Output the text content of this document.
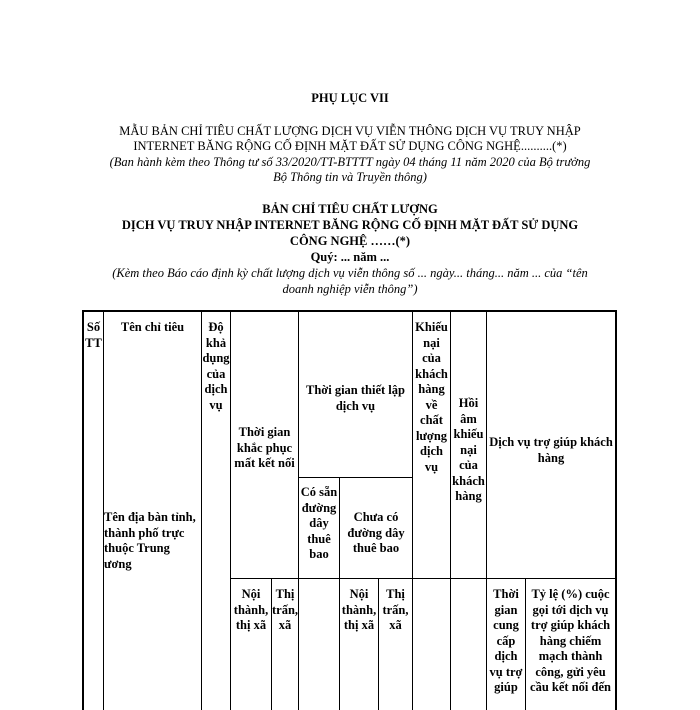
PHỤ LỤC VII
MẪU BẢN CHỈ TIÊU CHẤT LƯỢNG DỊCH VỤ VIỄN THÔNG DỊCH VỤ TRUY NHẬP
INTERNET BĂNG RỘNG CỐ ĐỊNH MẶT ĐẤT SỬ DỤNG CÔNG NGHỆ..........(*)
(Ban hành kèm theo Thông tư số 33/2020/TT-BTTTT ngày 04 tháng 11 năm 2020 của Bộ trưởng
Bộ Thông tin và Truyền thông)
BẢN CHỈ TIÊU CHẤT LƯỢNG
DỊCH VỤ TRUY NHẬP INTERNET BĂNG RỘNG CỐ ĐỊNH MẶT ĐẤT SỬ DỤNG
CÔNG NGHỆ ……(*)
Quý: ... năm ...
(Kèm theo Báo cáo định kỳ chất lượng dịch vụ viễn thông số ... ngày... tháng... năm ... của “tên
doanh nghiệp viễn thông”)
Số TT
Tên chỉ tiêu
Tên địa bàn tỉnh, thành phố trực thuộc Trung ương
Độ khả dụng của dịch vụ
Thời gian khắc phục mất kết nối
Thời gian thiết lập dịch vụ
Có sẵn đường dây thuê bao
Chưa có đường dây thuê bao
Khiếu nại của khách hàng về chất lượng dịch vụ
Hồi âm khiếu nại của khách hàng
Dịch vụ trợ giúp khách hàng
Nội thành, thị xã
Thị trấn, xã
Nội thành, thị xã
Thị trấn, xã
Thời gian cung cấp dịch vụ trợ giúp
Tỷ lệ (%) cuộc gọi tới dịch vụ trợ giúp khách hàng chiếm mạch thành công, gửi yêu cầu kết nối đến
